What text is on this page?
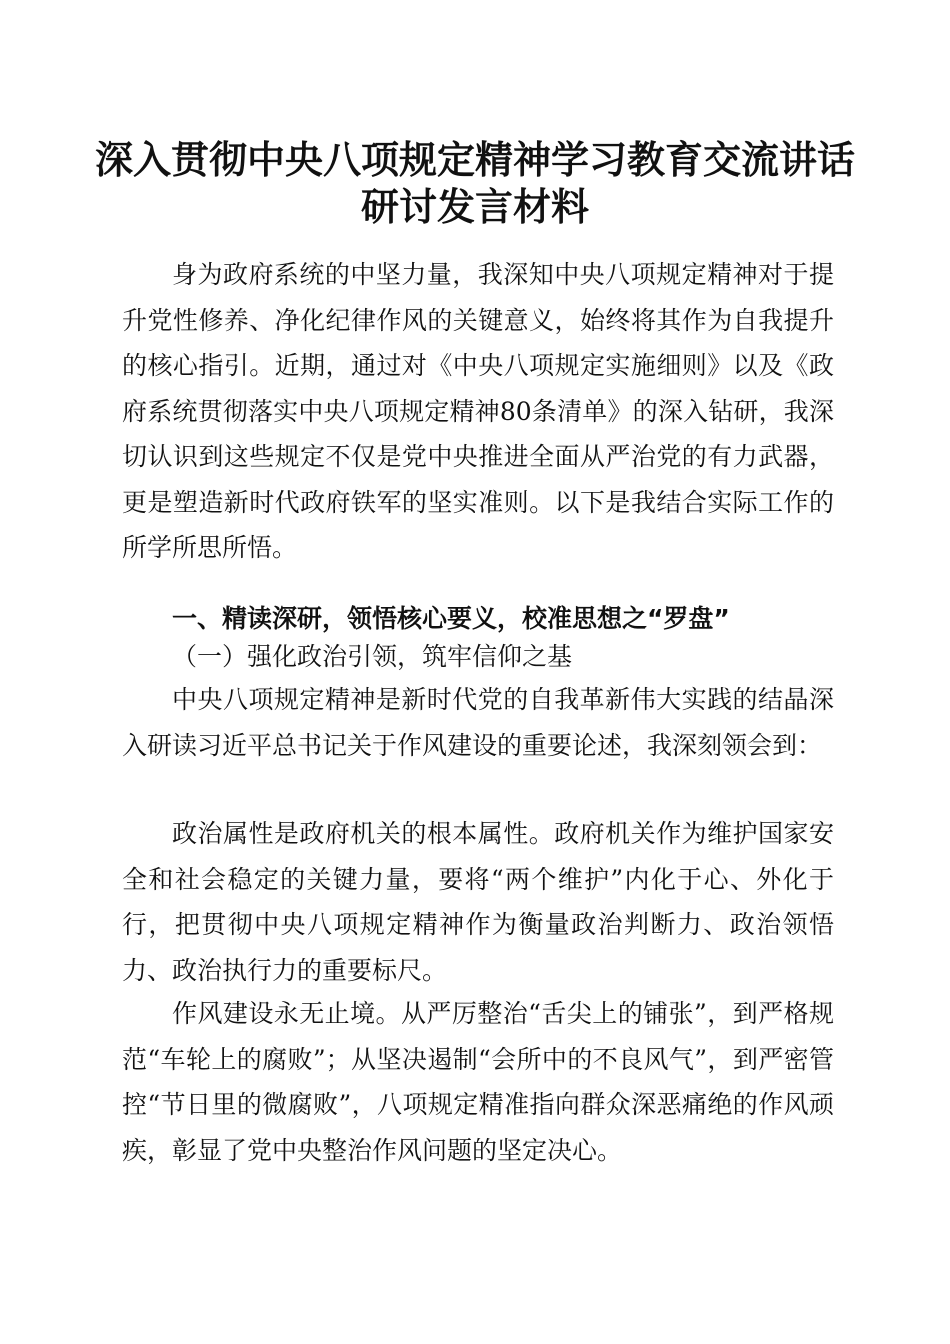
深入贯彻中央八项规定精神学习教育交流讲话
研讨发言材料
身为政府系统的中坚力量，我深知中央八项规定精神对于提升党性修养、净化纪律作风的关键意义，始终将其作为自我提升的核心指引。近期，通过对《中央八项规定实施细则》以及《政府系统贯彻落实中央八项规定精神80条清单》的深入钻研，我深切认识到这些规定不仅是党中央推进全面从严治党的有力武器，更是塑造新时代政府铁军的坚实准则。以下是我结合实际工作的所学所思所悟。
一、精读深研，领悟核心要义，校准思想之“罗盘”
（一）强化政治引领，筑牢信仰之基
中央八项规定精神是新时代党的自我革新伟大实践的结晶深入研读习近平总书记关于作风建设的重要论述，我深刻领会到：
政治属性是政府机关的根本属性。政府机关作为维护国家安全和社会稳定的关键力量，要将“两个维护”内化于心、外化于行，把贯彻中央八项规定精神作为衡量政治判断力、政治领悟力、政治执行力的重要标尺。
作风建设永无止境。从严厉整治“舌尖上的铺张”，到严格规范“车轮上的腐败”；从坚决遏制“会所中的不良风气”，到严密管控“节日里的微腐败”，八项规定精准指向群众深恶痛绝的作风顽疾，彰显了党中央整治作风问题的坚定决心。
